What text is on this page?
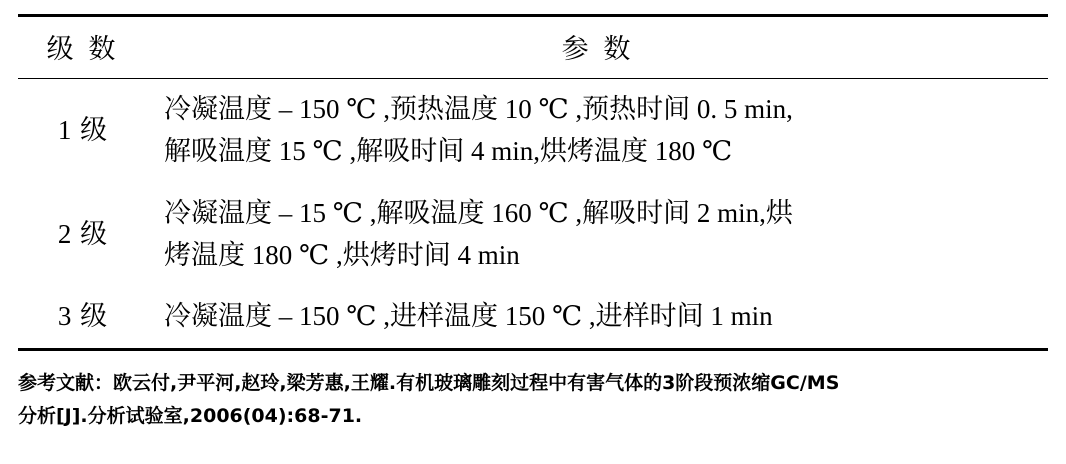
级 数	参 数
1 级	冷凝温度 – 150 ℃ ,预热温度 10 ℃ ,预热时间 0. 5 min,
解吸温度 15 ℃ ,解吸时间 4 min,烘烤温度 180 ℃

2 级	冷凝温度 – 15 ℃ ,解吸温度 160 ℃ ,解吸时间 2 min,烘
烤温度 180 ℃ ,烘烤时间 4 min

3 级	冷凝温度 – 150 ℃ ,进样温度 150 ℃ ,进样时间 1 min
参考文献：欧云付,尹平河,赵玲,梁芳惠,王耀.有机玻璃雕刻过程中有害气体的3阶段预浓缩GC/MS
分析[J].分析试验室,2006(04):68-71.
